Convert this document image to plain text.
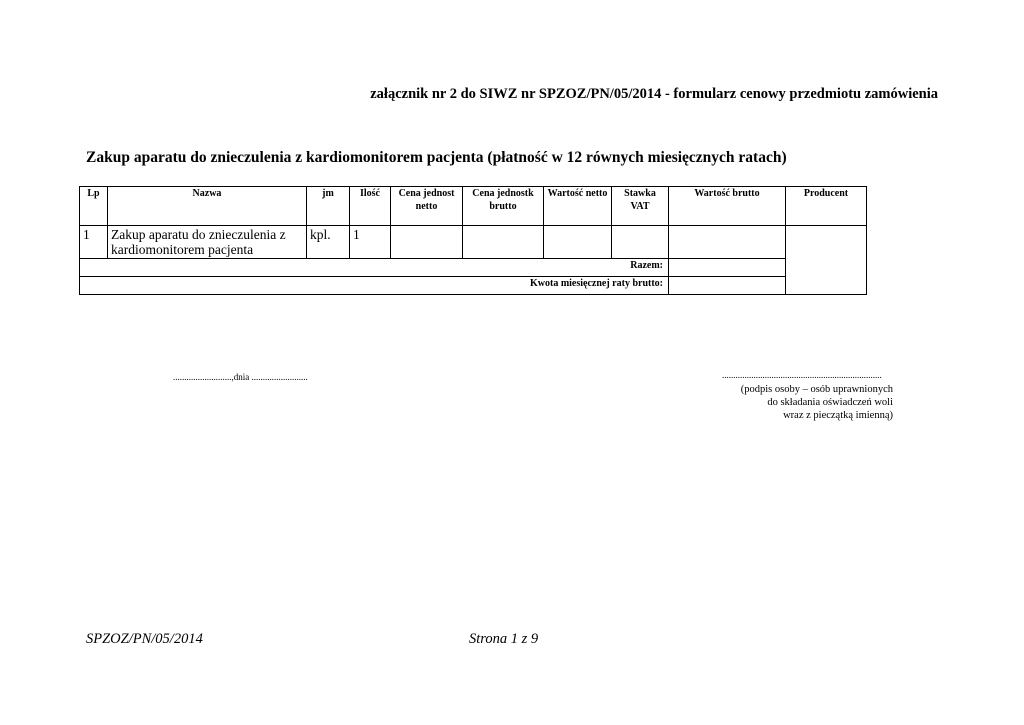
załącznik nr 2 do SIWZ nr SPZOZ/PN/05/2014 - formularz cenowy przedmiotu zamówienia
Zakup aparatu do znieczulenia z kardiomonitorem pacjenta (płatność w 12 równych miesięcznych ratach)
Lp	Nazwa	jm	Ilość	Cena jednost netto	Cena jednostk brutto	Wartość netto	Stawka VAT	Wartość brutto	Producent
1	Zakup aparatu do znieczulenia z kardiomonitorem pacjenta	kpl.	1						
Razem:									
Kwota miesięcznej raty brutto:									
..........................,dnia .........................	.......................................................................
(podpis osoby – osób uprawnionych
do składania oświadczeń woli
wraz z pieczątką imienną)
SPZOZ/PN/05/2014	Strona 1 z 9
